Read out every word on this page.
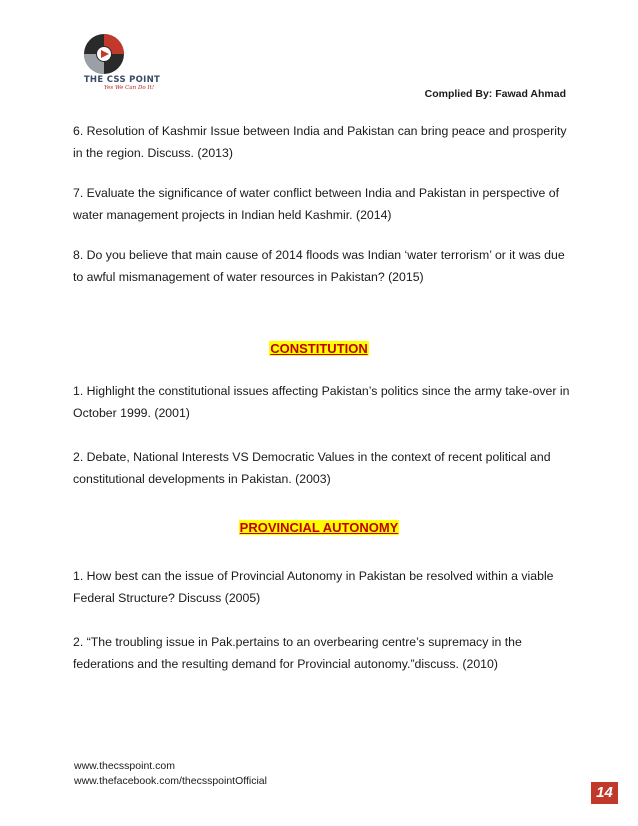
THE CSS POINT
Yes We Can Do It!	Complied By: Fawad Ahmad

6. Resolution of Kashmir Issue between India and Pakistan can bring peace and prosperity in the region. Discuss. (2013)

7. Evaluate the significance of water conflict between India and Pakistan in perspective of water management projects in Indian held Kashmir. (2014)

8. Do you believe that main cause of 2014 floods was Indian ‘water terrorism’ or it was due to awful mismanagement of water resources in Pakistan? (2015)

CONSTITUTION

1. Highlight the constitutional issues affecting Pakistan’s politics since the army take-over in October 1999. (2001)

2. Debate, National Interests VS Democratic Values in the context of recent political and constitutional developments in Pakistan. (2003)

PROVINCIAL AUTONOMY

1. How best can the issue of Provincial Autonomy in Pakistan be resolved within a viable Federal Structure? Discuss (2005)

2. “The troubling issue in Pak.pertains to an overbearing centre’s supremacy in the federations and the resulting demand for Provincial autonomy.”discuss. (2010)

www.thecsspoint.com
www.thefacebook.com/thecsspointOfficial
14
